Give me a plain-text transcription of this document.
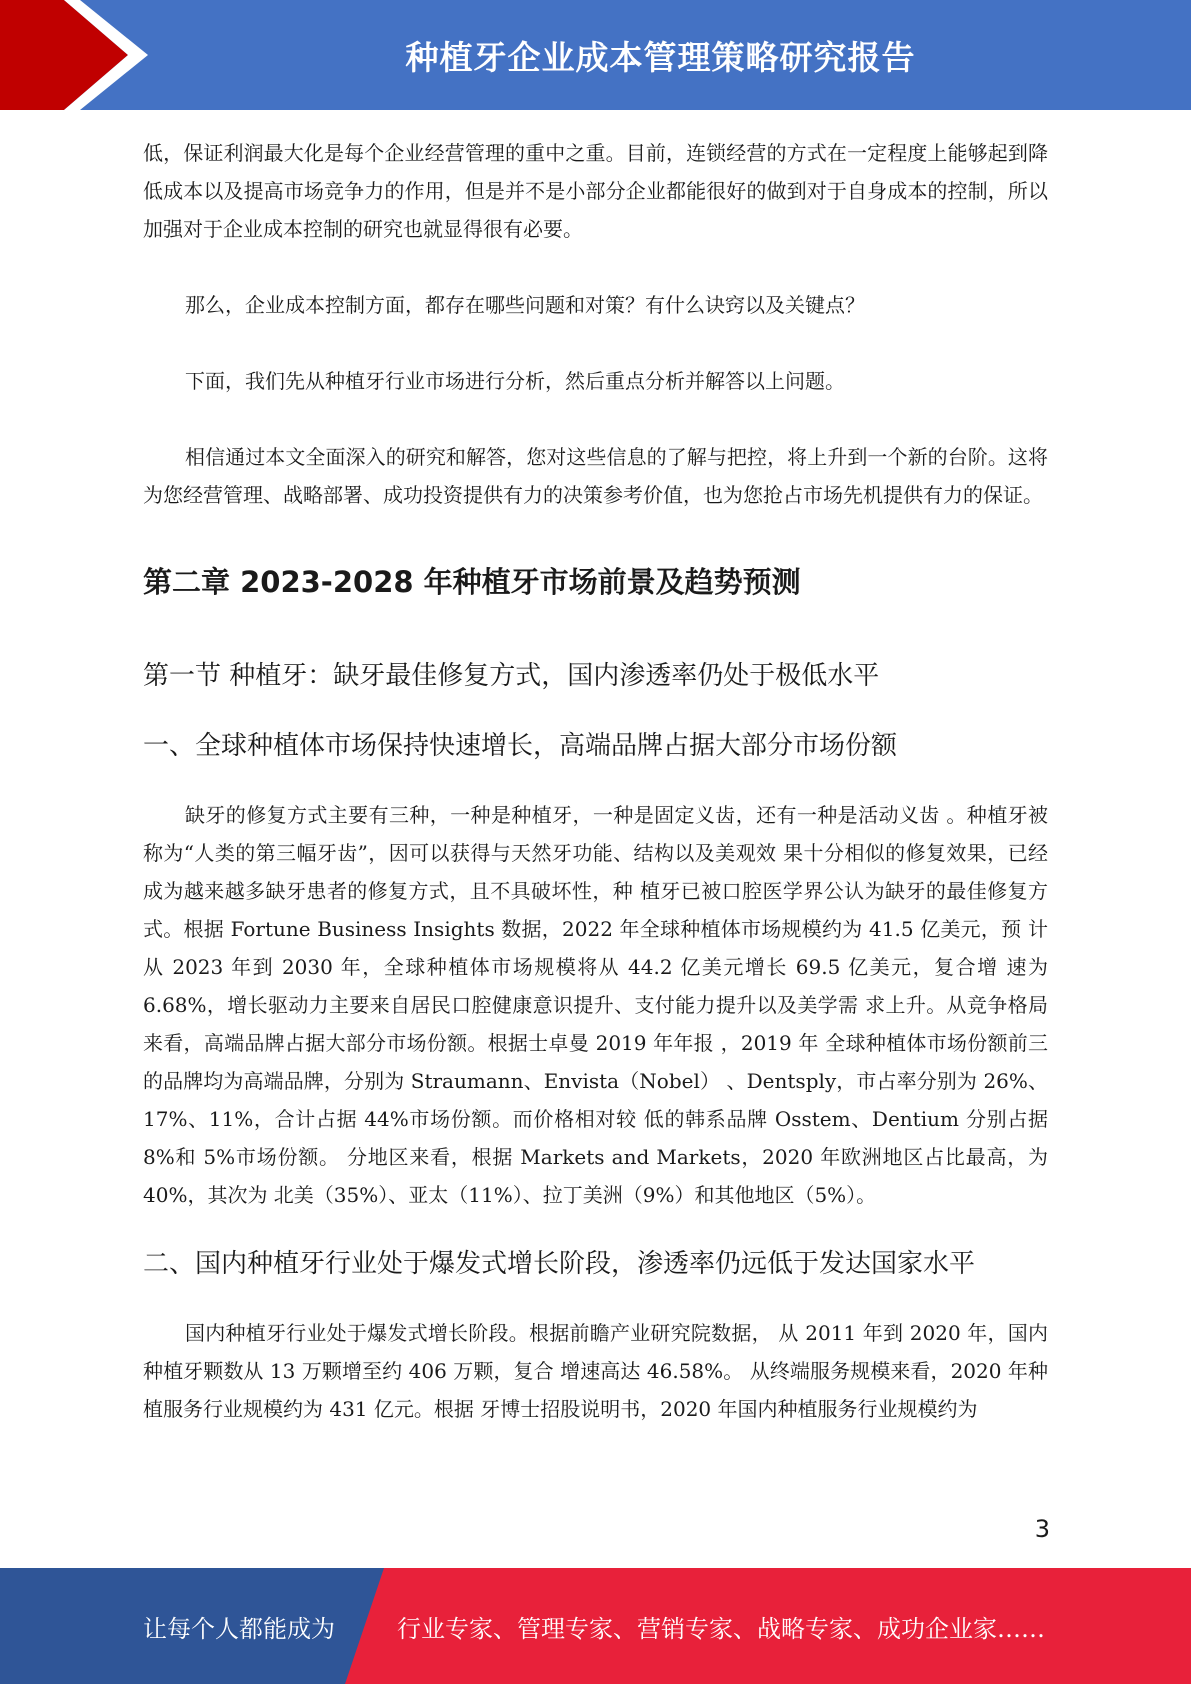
种植牙企业成本管理策略研究报告

低，保证利润最大化是每个企业经营管理的重中之重。目前，连锁经营的方式在一定程度上能够起到降低成本以及提高市场竞争力的作用，但是并不是小部分企业都能很好的做到对于自身成本的控制，所以加强对于企业成本控制的研究也就显得很有必要。

那么，企业成本控制方面，都存在哪些问题和对策？有什么诀窍以及关键点？

下面，我们先从种植牙行业市场进行分析，然后重点分析并解答以上问题。

相信通过本文全面深入的研究和解答，您对这些信息的了解与把控，将上升到一个新的台阶。这将为您经营管理、战略部署、成功投资提供有力的决策参考价值，也为您抢占市场先机提供有力的保证。

第二章 2023-2028 年种植牙市场前景及趋势预测
第一节 种植牙：缺牙最佳修复方式，国内渗透率仍处于极低水平
一、全球种植体市场保持快速增长，高端品牌占据大部分市场份额

缺牙的修复方式主要有三种，一种是种植牙，一种是固定义齿，还有一种是活动义齿 。种植牙被称为“人类的第三幅牙齿”，因可以获得与天然牙功能、结构以及美观效 果十分相似的修复效果，已经成为越来越多缺牙患者的修复方式，且不具破坏性，种 植牙已被口腔医学界公认为缺牙的最佳修复方式。根据 Fortune Business Insights 数据，2022 年全球种植体市场规模约为 41.5 亿美元，预 计从 2023 年到 2030 年，全球种植体市场规模将从 44.2 亿美元增长 69.5 亿美元，复合增 速为 6.68%，增长驱动力主要来自居民口腔健康意识提升、支付能力提升以及美学需 求上升。从竞争格局来看，高端品牌占据大部分市场份额。根据士卓曼 2019 年年报 ，2019 年 全球种植体市场份额前三的品牌均为高端品牌，分别为 Straumann、Envista（Nobel） 、Dentsply，市占率分别为 26%、17%、11%，合计占据 44%市场份额。而价格相对较 低的韩系品牌 Osstem、Dentium 分别占据 8%和 5%市场份额。 分地区来看，根据 Markets and Markets，2020 年欧洲地区占比最高，为 40%，其次为 北美（35%）、亚太（11%）、拉丁美洲（9%）和其他地区（5%）。

二、国内种植牙行业处于爆发式增长阶段，渗透率仍远低于发达国家水平

国内种植牙行业处于爆发式增长阶段。根据前瞻产业研究院数据， 从 2011 年到 2020 年，国内种植牙颗数从 13 万颗增至约 406 万颗，复合 增速高达 46.58%。 从终端服务规模来看，2020 年种植服务行业规模约为 431 亿元。根据 牙博士招股说明书，2020 年国内种植服务行业规模约为

3
让每个人都能成为	行业专家、管理专家、营销专家、战略专家、成功企业家……
